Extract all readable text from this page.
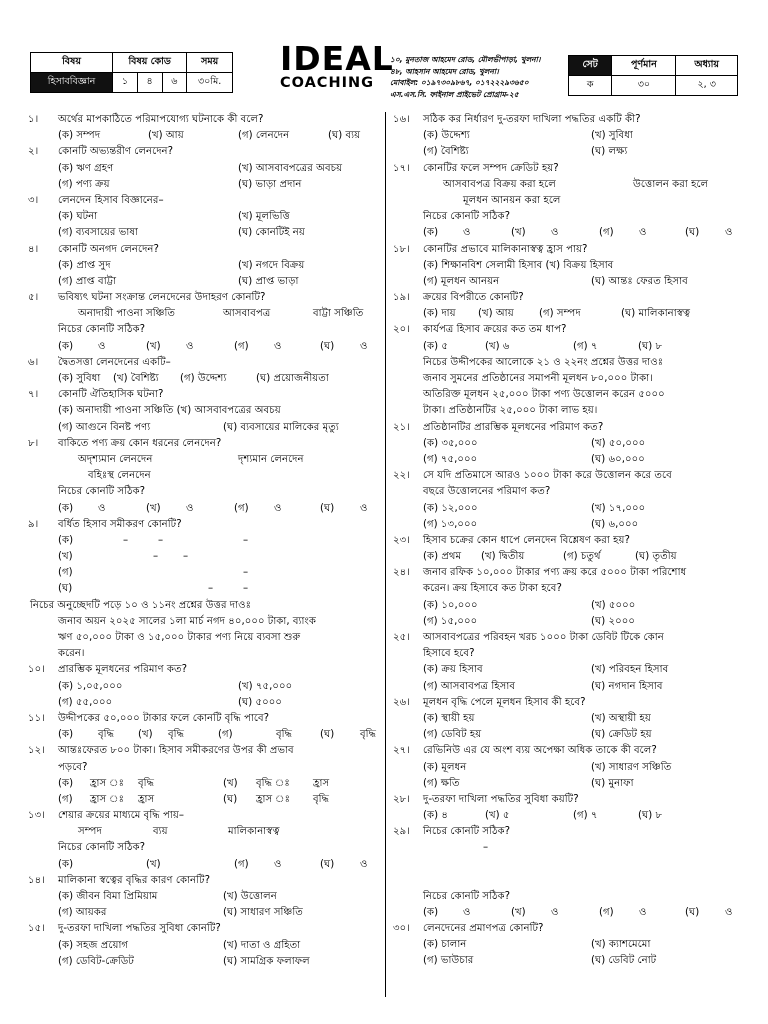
বিষয়	বিষয় কোড			সময়
হিসাববিজ্ঞান	১	৪	৬	৩০মি.
IDEAL
COACHING
১০, মুনতাজ আহমেদ রোড, মৌলভীপাড়া, খুলনা।
৪৮, আহসান আহমেদ রোড, খুলনা।
মোবাইল: ০১৯৭৩০৯৮৬৭, ০১৭২২২৯৩৬৫০
এস.এস.সি. ফাইনাল প্রাইভেট প্রোগ্রাম-২৫
সেট	পূর্ণমান	অধ্যায়
ক	৩০	২, ৩
১। অর্থের মাপকাঠিতে পরিমাপযোগ্য ঘটনাকে কী বলে?
(ক) সম্পদ	(খ) আয়	(গ) লেনদেন	(ঘ) ব্যয়
২। কোনটি অভ্যন্তরীণ লেনদেন?
(ক) ঋণ গ্রহণ	(খ) আসবাবপত্রের অবচয়
(গ) পণ্য ক্রয়	(ঘ) ভাড়া প্রদান
৩। লেনদেন হিসাব বিজ্ঞানের–
(ক) ঘটনা	(খ) মূলভিত্তি
(গ) ব্যবসায়ের ভাষা	(ঘ) কোনটিই নয়
৪। কোনটি অনগদ লেনদেন?
(ক) প্রাপ্ত সুদ	(খ) নগদে বিক্রয়
(গ) প্রাপ্ত বাট্টা	(ঘ) প্রাপ্ত ভাড়া
৫। ভবিষ্যৎ ঘটনা সংক্রান্ত লেনদেনের উদাহরণ কোনটি?
অনাদায়ী পাওনা সঞ্চিতি	আসবাবপত্র	বাট্টা সঞ্চিতি
নিচের কোনটি সঠিক?
(ক) ও	(খ) ও	(গ) ও	(ঘ)	ও
৬। দ্বৈতসত্তা লেনদেনের একটি–
(ক) সুবিধা (খ) বৈশিষ্ট্য (গ) উদ্দেশ্য	(ঘ) প্রয়োজনীয়তা
৭। কোনটি ঐতিহাসিক ঘটনা?
(ক) অনাদায়ী পাওনা সঞ্চিতি (খ) আসবাবপত্রের অবচয়
(গ) আগুনে বিনষ্ট পণ্য	(ঘ) ব্যবসায়ের মালিকের মৃত্যু
৮। বাকিতে পণ্য ক্রয় কোন ধরনের লেনদেন?
অদৃশ্যমান লেনদেন	দৃশ্যমান লেনদেন
বহিঃস্থ লেনদেন
নিচের কোনটি সঠিক?
(ক) ও	(খ) ও	(গ) ও	(ঘ)	ও
৯। বর্ধিত হিসাব সমীকরণ কোনটি?
(ক)	–	–	–
(খ)	– –
(গ)	–
(ঘ)	–	–
নিচের অনুচ্ছেদটি পড়ে ১০ ও ১১নং প্রশ্নের উত্তর দাওঃ
জনাব অয়ন ২০২৫ সালের ১লা মার্চ নগদ ৪০,০০০ টাকা, ব্যাংক
ঋণ ৫০,০০০ টাকা ও ১৫,০০০ টাকার পণ্য নিয়ে ব্যবসা শুরু
করেন।
১০। প্রারম্ভিক মূলধনের পরিমাণ কত?
(ক) ১,০৫,০০০	(খ) ৭৫,০০০
(গ) ৫৫,০০০	(ঘ) ৫০০০
১১। উদ্দীপকের ৫০,০০০ টাকার ফলে কোনটি বৃদ্ধি পাবে?
(ক) বৃদ্ধি (খ) বৃদ্ধি	(গ)	বৃদ্ধি	(ঘ)	বৃদ্ধি
১২। আন্তঃফেরত ৮০০ টাকা। হিসাব সমীকরণের উপর কী প্রভাব
পড়বে?
(ক) হ্রাস ঃ বৃদ্ধি	(খ) বৃদ্ধি ঃ হ্রাস
(গ) হ্রাস ঃ হ্রাস	(ঘ) হ্রাস ঃ বৃদ্ধি
১৩। শেয়ার ক্রয়ের মাধ্যমে বৃদ্ধি পায়–
সম্পদ	ব্যয়	মালিকানাস্বত্ব
নিচের কোনটি সঠিক?
(ক)	(খ)	(গ) ও	(ঘ)	ও
১৪। মালিকানা স্বত্বের বৃদ্ধির কারণ কোনটি?
(ক) জীবন বিমা প্রিমিয়াম	(খ) উত্তোলন
(গ) আয়কর	(ঘ) সাধারণ সঞ্চিতি
১৫। দু-তরফা দাখিলা পদ্ধতির সুবিধা কোনটি?
(ক) সহজ প্রয়োগ	(খ) দাতা ও গ্রহিতা
(গ) ডেবিট-ক্রেডিট	(ঘ) সামগ্রিক ফলাফল
১৬। সঠিক কর নির্ধারণ দু-তরফা দাখিলা পদ্ধতির একটি কী?
(ক) উদ্দেশ্য	(খ) সুবিধা
(গ) বৈশিষ্ট্য	(ঘ) লক্ষ্য
১৭। কোনটির ফলে সম্পদ ক্রেডিট হয়?
আসবাবপত্র বিক্রয় করা হলে	উত্তোলন করা হলে
মূলধন আনয়ন করা হলে
নিচের কোনটি সঠিক?
(ক) ও	(খ) ও	(গ) ও	(ঘ)	ও
১৮। কোনটির প্রভাবে মালিকানাস্বত্ব হ্রাস পায়?
(ক) শিক্ষানবিশ সেলামী হিসাব (খ) বিক্রয় হিসাব
(গ) মূলধন আনয়ন	(ঘ) আন্তঃ ফেরত হিসাব
১৯। ক্রয়ের বিপরীতে কোনটি?
(ক) দায় (খ) আয় (গ) সম্পদ	(ঘ) মালিকানাস্বত্ব
২০। কার্যপত্র হিসাব ক্রয়ের কত তম ধাপ?
(ক) ৫	(খ) ৬	(গ) ৭	(ঘ) ৮
নিচের উদ্দীপকের আলোকে ২১ ও ২২নং প্রশ্নের উত্তর দাওঃ
জনাব সুমনের প্রতিষ্ঠানের সমাপনী মূলধন ৮০,০০০ টাকা।
অতিরিক্ত মূলধন ২৫,০০০ টাকা পণ্য উত্তোলন করেন ৫০০০
টাকা। প্রতিষ্ঠানটির ২৫,০০০ টাকা লাভ হয়।
২১। প্রতিষ্ঠানটির প্রারম্ভিক মূলধনের পরিমাণ কত?
(ক) ৩৫,০০০	(খ) ৫০,০০০
(গ) ৭৫,০০০	(ঘ) ৬০,০০০
২২। সে যদি প্রতিমাসে আরও ১০০০ টাকা করে উত্তোলন করে তবে
বছরে উত্তোলনের পরিমাণ কত?
(ক) ১২,০০০	(খ) ১৭,০০০
(গ) ১৩,০০০	(ঘ) ৬,০০০
২৩। হিসাব চক্রের কোন ধাপে লেনদেন বিশ্লেষণ করা হয়?
(ক) প্রথম (খ) দ্বিতীয়	(গ) চতুর্থ	(ঘ) তৃতীয়
২৪। জনাব রফিক ১০,০০০ টাকার পণ্য ক্রয় করে ৫০০০ টাকা পরিশোধ
করেন। ক্রয় হিসাবে কত টাকা হবে?
(ক) ১০,০০০	(খ) ৫০০০
(গ) ১৫,০০০	(ঘ) ২০০০
২৫। আসবাবপত্রের পরিবহন খরচ ১০০০ টাকা ডেবিট টিকে কোন
হিসাবে হবে?
(ক) ক্রয় হিসাব	(খ) পরিবহন হিসাব
(গ) আসবাবপত্র হিসাব	(ঘ) নগদান হিসাব
২৬। মূলধন বৃদ্ধি পেলে মূলধন হিসাব কী হবে?
(ক) স্থায়ী হয়	(খ) অস্থায়ী হয়
(গ) ডেবিট হয়	(ঘ) ক্রেডিট হয়
২৭। রেভিনিউ এর যে অংশ ব্যয় অপেক্ষা অধিক তাকে কী বলে?
(ক) মূলধন	(খ) সাধারণ সঞ্চিতি
(গ) ক্ষতি	(ঘ) মুনাফা
২৮। দু-তরফা দাখিলা পদ্ধতির সুবিধা কয়টি?
(ক) ৪	(খ) ৫	(গ) ৭	(ঘ) ৮
২৯। নিচের কোনটি সঠিক?
–
নিচের কোনটি সঠিক?
(ক) ও	(খ) ও	(গ) ও	(ঘ)	ও
৩০। লেনদেনের প্রমাণপত্র কোনটি?
(ক) চালান	(খ) ক্যাশমেমো
(গ) ভাউচার	(ঘ) ডেবিট নোট
